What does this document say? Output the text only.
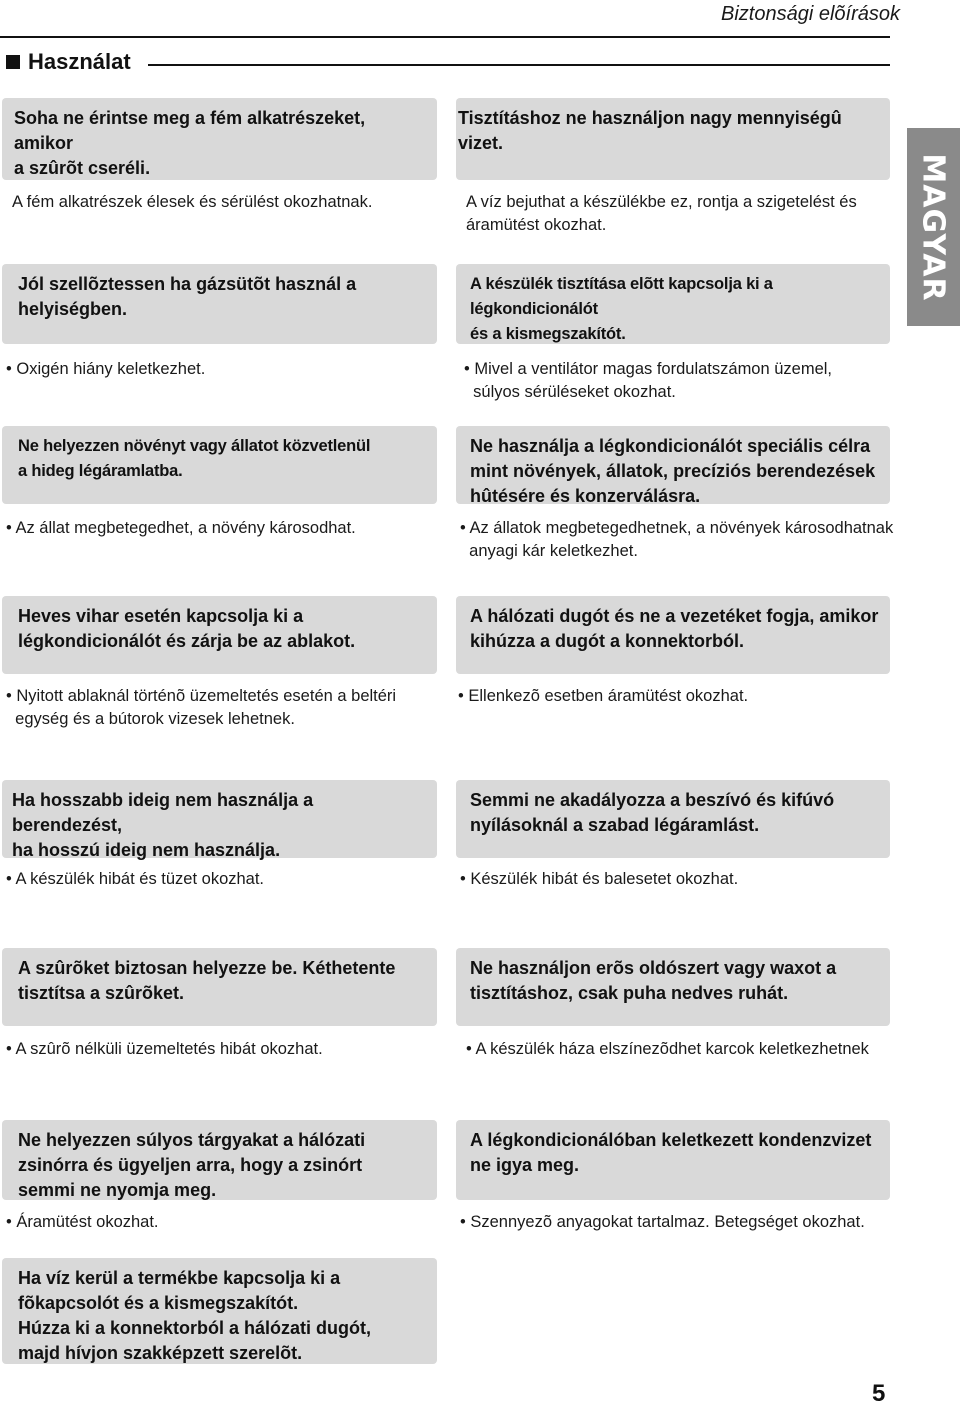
Biztonsági elõírások
Használat
MAGYAR

Soha ne érintse meg a fém alkatrészeket, amikor
a szûrõt cseréli.

A fém alkatrészek élesek és sérülést okozhatnak.

Tisztításhoz ne használjon nagy mennyiségû vizet.

A víz bejuthat a készülékbe ez, rontja a szigetelést és
áramütést okozhat.

Jól szellõztessen ha gázsütõt használ a
helyiségben.

• Oxigén hiány keletkezhet.

A készülék tisztítása elõtt kapcsolja ki a légkondicionálót
és a kismegszakítót.

• Mivel a ventilátor magas fordulatszámon üzemel,
súlyos sérüléseket okozhat.

Ne helyezzen növényt vagy állatot közvetlenül
a hideg légáramlatba.

• Az állat megbetegedhet, a növény károsodhat.

Ne használja a légkondicionálót speciális célra
mint növények, állatok, precíziós berendezések
hûtésére és konzerválásra.

• Az állatok megbetegedhetnek, a növények károsodhatnak
anyagi kár keletkezhet.

Heves vihar esetén kapcsolja ki a
légkondicionálót és zárja be az ablakot.

• Nyitott ablaknál történõ üzemeltetés esetén a beltéri
egység és a bútorok vizesek lehetnek.

A hálózati dugót és ne a vezetéket fogja, amikor
kihúzza a dugót a konnektorból.

• Ellenkezõ esetben áramütést okozhat.

Ha hosszabb ideig nem használja a berendezést,
ha hosszú ideig nem használja.

• A készülék hibát és tüzet okozhat.

Semmi ne akadályozza a beszívó és kifúvó
nyílásoknál a szabad légáramlást.

• Készülék hibát és balesetet okozhat.

A szûrõket biztosan helyezze be. Kéthetente
tisztítsa a szûrõket.

• A szûrõ nélküli üzemeltetés hibát okozhat.

Ne használjon erõs oldószert vagy waxot a
tisztításhoz, csak puha nedves ruhát.

• A készülék háza elszínezõdhet karcok keletkezhetnek

Ne helyezzen súlyos tárgyakat a hálózati
zsinórra és ügyeljen arra, hogy a zsinórt
semmi ne nyomja meg.

• Áramütést okozhat.

A légkondicionálóban keletkezett kondenzvizet
ne igya meg.

• Szennyezõ anyagokat tartalmaz. Betegséget okozhat.

Ha víz kerül a termékbe kapcsolja ki a
fõkapcsolót és a kismegszakítót.
Húzza ki a konnektorból a hálózati dugót,
majd hívjon szakképzett szerelõt.

5
